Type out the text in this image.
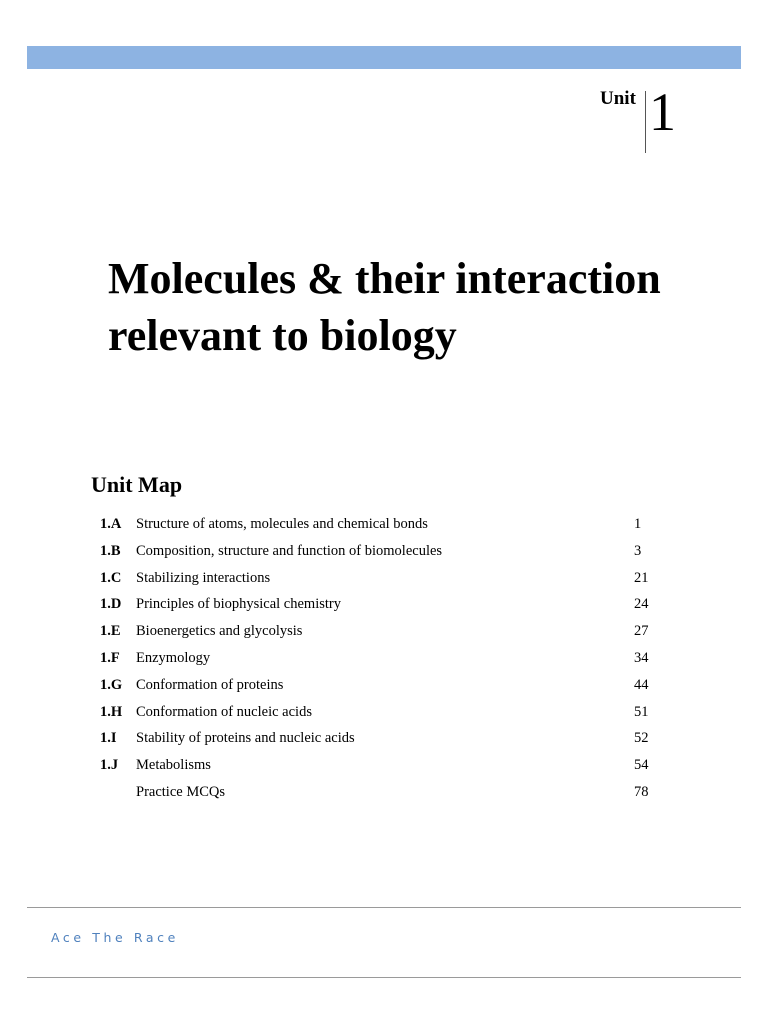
Unit 1
Molecules & their interaction
relevant to biology
Unit Map
1.A Structure of atoms, molecules and chemical bonds	1
1.B Composition, structure and function of biomolecules	3
1.C Stabilizing interactions	21
1.D Principles of biophysical chemistry	24
1.E Bioenergetics and glycolysis	27
1.F Enzymology	34
1.G Conformation of proteins	44
1.H Conformation of nucleic acids	51
1.I Stability of proteins and nucleic acids	52
1.J Metabolisms	54
Practice MCQs	78
Ace The Race
